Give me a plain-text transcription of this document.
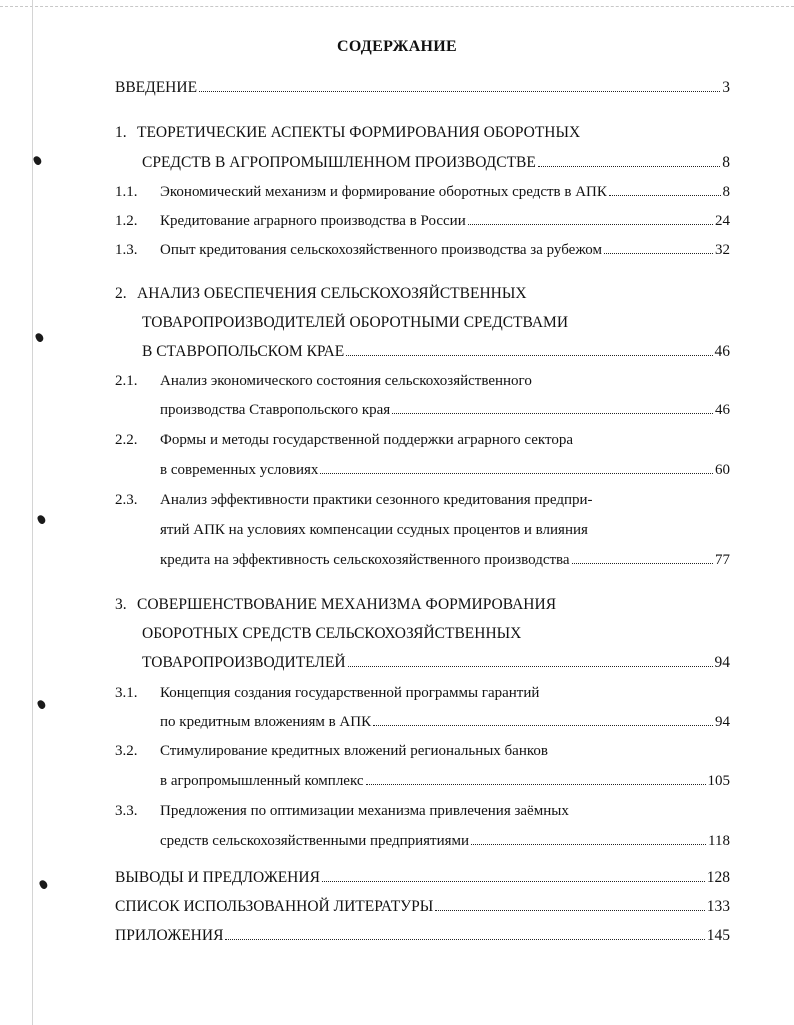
СОДЕРЖАНИЕ
ВВЕДЕНИЕ	3
1. ТЕОРЕТИЧЕСКИЕ АСПЕКТЫ ФОРМИРОВАНИЯ ОБОРОТНЫХ
СРЕДСТВ В АГРОПРОМЫШЛЕННОМ ПРОИЗВОДСТВЕ	8
1.1.	Экономический механизм и формирование оборотных средств в АПК	8
1.2.	Кредитование аграрного производства в России	24
1.3.	Опыт кредитования сельскохозяйственного производства за рубежом	32
2. АНАЛИЗ ОБЕСПЕЧЕНИЯ СЕЛЬСКОХОЗЯЙСТВЕННЫХ
ТОВАРОПРОИЗВОДИТЕЛЕЙ ОБОРОТНЫМИ СРЕДСТВАМИ
В СТАВРОПОЛЬСКОМ КРАЕ	46
2.1.	Анализ экономического состояния сельскохозяйственного
производства Ставропольского края	46
2.2.	Формы и методы государственной поддержки аграрного сектора
в современных условиях	60
2.3.	Анализ эффективности практики сезонного кредитования предпри-
ятий АПК на условиях компенсации ссудных процентов и влияния
кредита на эффективность сельскохозяйственного производства	77
3. СОВЕРШЕНСТВОВАНИЕ МЕХАНИЗМА ФОРМИРОВАНИЯ
ОБОРОТНЫХ СРЕДСТВ СЕЛЬСКОХОЗЯЙСТВЕННЫХ
ТОВАРОПРОИЗВОДИТЕЛЕЙ	94
3.1.	Концепция создания государственной программы гарантий
по кредитным вложениям в АПК	94
3.2.	Стимулирование кредитных вложений региональных банков
в агропромышленный комплекс	105
3.3.	Предложения по оптимизации механизма привлечения заёмных
средств сельскохозяйственными предприятиями	118
ВЫВОДЫ И ПРЕДЛОЖЕНИЯ	128
СПИСОК ИСПОЛЬЗОВАННОЙ ЛИТЕРАТУРЫ	133
ПРИЛОЖЕНИЯ	145
